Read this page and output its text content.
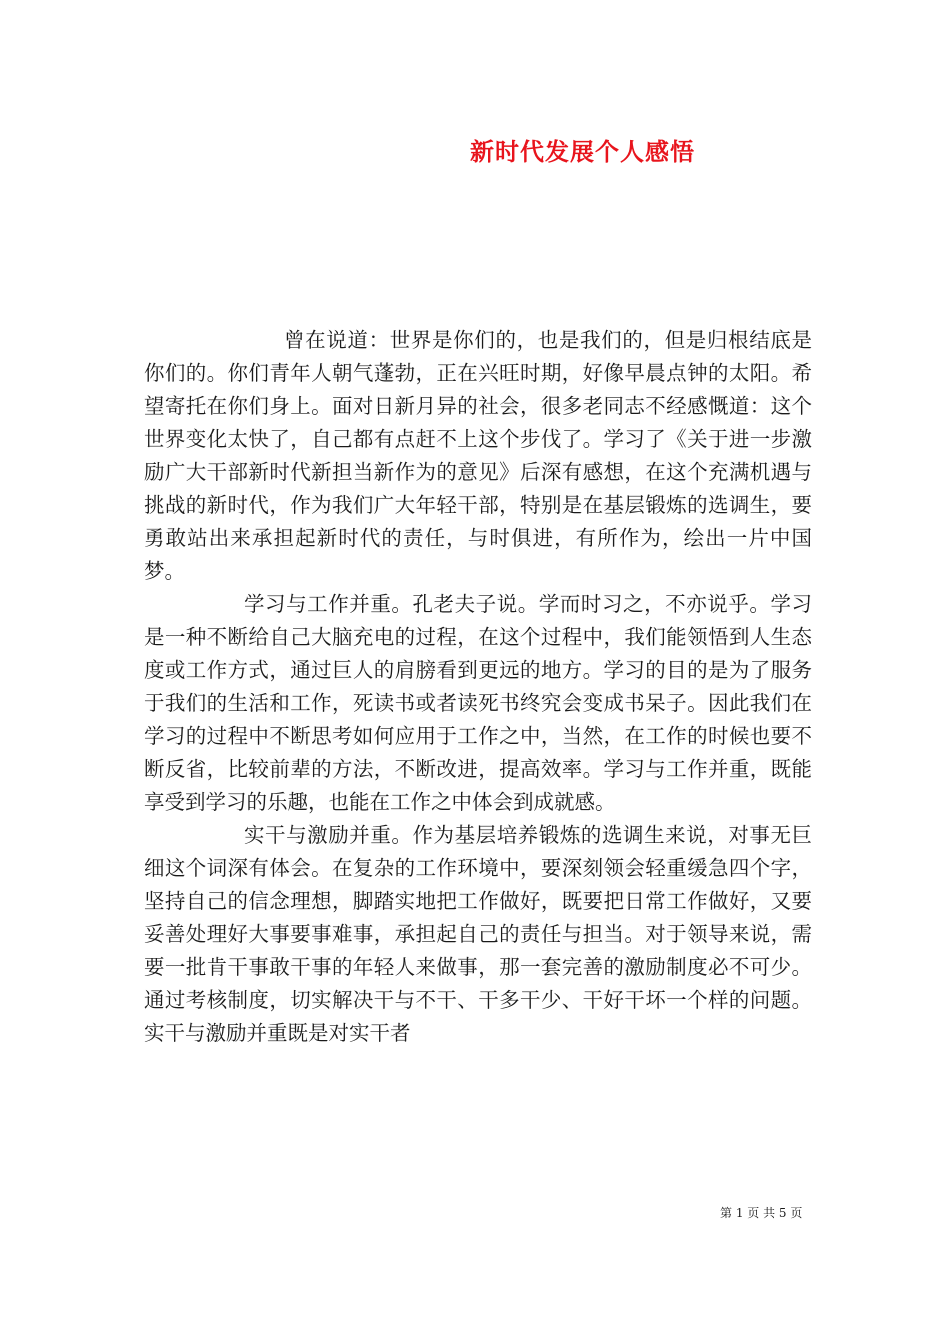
新时代发展个人感悟

曾在说道：世界是你们的，也是我们的，但是归根结底是你们的。你们青年人朝气蓬勃，正在兴旺时期，好像早晨点钟的太阳。希望寄托在你们身上。面对日新月异的社会，很多老同志不经感慨道：这个世界变化太快了，自己都有点赶不上这个步伐了。学习了《关于进一步激励广大干部新时代新担当新作为的意见》后深有感想，在这个充满机遇与挑战的新时代，作为我们广大年轻干部，特别是在基层锻炼的选调生，要勇敢站出来承担起新时代的责任，与时俱进，有所作为，绘出一片中国梦。

学习与工作并重。孔老夫子说。学而时习之，不亦说乎。学习是一种不断给自己大脑充电的过程，在这个过程中，我们能领悟到人生态度或工作方式，通过巨人的肩膀看到更远的地方。学习的目的是为了服务于我们的生活和工作，死读书或者读死书终究会变成书呆子。因此我们在学习的过程中不断思考如何应用于工作之中，当然，在工作的时候也要不断反省，比较前辈的方法，不断改进，提高效率。学习与工作并重，既能享受到学习的乐趣，也能在工作之中体会到成就感。

实干与激励并重。作为基层培养锻炼的选调生来说，对事无巨细这个词深有体会。在复杂的工作环境中，要深刻领会轻重缓急四个字，坚持自己的信念理想，脚踏实地把工作做好，既要把日常工作做好，又要妥善处理好大事要事难事，承担起自己的责任与担当。对于领导来说，需要一批肯干事敢干事的年轻人来做事，那一套完善的激励制度必不可少。通过考核制度，切实解决干与不干、干多干少、干好干坏一个样的问题。实干与激励并重既是对实干者

第 1 页 共 5 页
